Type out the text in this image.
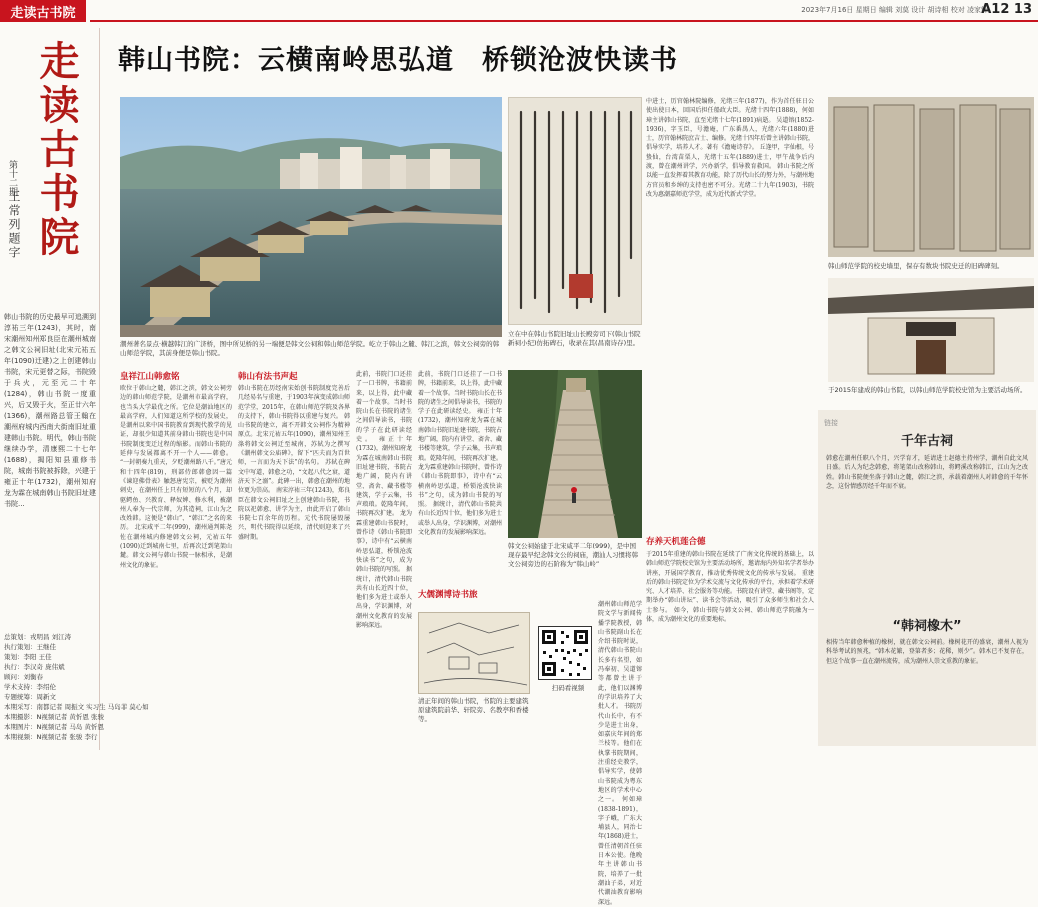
走读古书院	2023年7月16日 星期日 编辑 刘莫 设计 胡诗相 校对 凌家辉
A12 13
走读古书院
第十二期
王常列题字
韩山书院的历史最早可追溯到淳祐三年(1243)，其时，南宋潮州知州郑良臣在潮州城南之韩文公祠旧址(北宋元祐五年(1090)迁建)之上创建韩山书院，宋元更替之际，书院毁于兵火，元至元二十年(1284)，韩山书院一度重兴，后又毁于火，至正廿六年(1366)，潮州路总管王翰在潮州府城内西南大街南旧址重建韩山书院。明代，韩山书院继续办学，清康熙二十七年(1688)，揭阳知县重修书院，城南书院被拆除，兴建于雍正十年(1732)，潮州知府龙为霖在城南韩山书院旧址建书院...
总策划：戎明昌 刘江涛
执行策划：王继佳
策划：李阳 王佳
执行：李汉奇 庞伟斌
顾问：刘衡春
学术支持：李绍伦
专题统筹：周新文
本期采写：南都记者 周振文 实习生 马岛菲 莫心如
本期摄影：N视频记者 黄忻恩 张骏
本期图片：N视频记者 马岛 黄忻恩
本期视频：N视频记者 张骏 李行
韩山书院：云横南岭思弘道　桥锁沧波快读书
潮州著名景点·横越韩江的广济桥，图中所见桥的另一端便是韩文公祠和韩山师范学院。屹立于韩山之麓、韩江之滨，韩文公祠旁的韩山师范学院，其前身便是韩山书院。
立在中在韩山书院旧址山长殿旁司下(韩山书院新祠小纪)仿拓碑石，收录在其(昌南诗存)里。
韩文公祠始建于北宋咸平二年(999)，是中国现存最早纪念韩文公的祠庙，潮汕人习惯将韩文公祠旁边的石阶称为“韩山岭”
清正年间的韩山书院，书院的主要建筑原建筑院前华、轩院旁、名教亭和香楼等。
扫码看视频
韩山师范学院的校史墙里，保存有数块书院史迁的旧碑碑刻。
于2015年建成的韩山书院，以韩山师范学院校史馆为主要活动场所。
皇祥江山韩愈铭	韩山有法书声起
大儒渊博诗书旅
存养天机莲合德
欧位于韩山之麓，韩江之滨，韩文公祠旁边的韩山师范学院，是潮州市最高学府，也当头大学最优之所。它位是潮汕地区的最高学府，人们知道这所学校的发展史，是潮州以来中国书院教育到现代教学的见证，却很少知道其前身韩山书院也是中国书院制度变迁过程的缩影。而韩山书院的延伸与发展都离不开一个人——韩愈。 “一封朝奏九重天，夕贬潮州路八千。”唐元和十四年(819)，刑部侍郎韩愈因一篇《谏迎佛骨表》触怒唐宪宗，被贬为潮州刺史，在潮州任上只有短短的八个月，却驱鳄鱼、兴教育、释奴婢、修水利，被潮州人奉为一代宗师，为其造祠，江山为之改姓韩。这便是“韩山”、“韩江”之名的来历。 北宋咸平二年(999)，潮州通判陈尧佐在潮州城内修建韩文公祠，元祐五年(1090)迁到城南七里，后再次迁到笔架山麓。韩文公祠与韩山书院一脉相承，是潮州文化的象征。
韩山书院在历经南宋始创书院制度完善后几经易名与重建，于1903年演变成韩山师范学堂，2015年，在韩山师范学院及各界的支持下，韩山书院得以重建与复兴。 韩山书院的建立，离不开韩文公祠作为精神原点。北宋元祐五年(1090)，潮州知州王涤将韩文公祠迁至城南，苏轼为之撰写《潮州韩文公庙碑》，留下“匹夫而为百世师，一言而为天下法”的名句。 苏轼在碑文中写道，韩愈之功，“文起八代之衰，道济天下之溺”。此碑一出，韩愈在潮州的地位更为崇高。 南宋淳祐三年(1243)，郑良臣在韩文公祠旧址之上创建韩山书院，书院以祀韩愈、讲学为主，由此开启了韩山书院七百余年的历程。元代书院屡毁屡兴，明代书院得以延续，清代则迎来了兴盛时期。
此前，书院门口还挂了一口书牌，书籍前来，以上得，此中藏着一个故事。当时书院山长在书院的诸生之间倡导读书，书院的学子在此研读经史。 雍正十年(1732)，潮州知府龙为霖在城南韩山书院旧址建书院，书院占地广阔，院内有讲堂、斋舍、藏书楼等建筑，学子云集，书声琅琅。乾隆年间，书院再次扩建。 龙为霖重建韩山书院时，曾作诗《韩山书院即事》，诗中有“云横南岭思弘道，桥锁沧波快读书”之句，成为韩山书院的写照。 据统计，清代韩山书院共有山长近四十位，他们多为进士或举人出身，学识渊博，对潮州文化教育的发展影响深远。
此前，书院门口还挂了一口书牌，书籍前来，以上得，此中藏着一个故事。当时书院山长在书院的诸生之间倡导读书，书院的学子在此研读经史。 雍正十年(1732)，潮州知府龙为霖在城南韩山书院旧址建书院，书院占地广阔，院内有讲堂、斋舍、藏书楼等建筑，学子云集，书声琅琅。乾隆年间，书院再次扩建。 龙为霖重建韩山书院时，曾作诗《韩山书院即事》，诗中有“云横南岭思弘道，桥锁沧波快读书”之句，成为韩山书院的写照。 据统计，清代韩山书院共有山长近四十位，他们多为进士或举人出身，学识渊博，对潮州文化教育的发展影响深远。
中进士，历官翰林院编修，光绪三年(1877)，作为首任驻日公使出使日本，回国后担任船政大臣。光绪十四年(1888)，何如璋主讲韩山书院，直至光绪十七年(1891)病逝。 吴道镕(1852-1936)，字玉臣，号澹庵，广东番禺人，光绪六年(1880)进士，历官翰林院庶吉士、编修。光绪十四年后曾主讲韩山书院，倡导实学，培养人才。著有《澹庵诗存》。 丘逢甲，字仙根，号蛰仙，台湾苗栗人，光绪十五年(1889)进士，甲午战争后内渡，曾在潮州讲学，兴办新学，倡导教育救国。 韩山书院之所以能一直发挥着其教育功能，除了历代山长的努力外，与潮州地方官员和乡绅的支持也密不可分。光绪二十九年(1903)，书院改为惠潮嘉师范学堂，成为近代新式学堂。
于2015年重建的韩山书院在延续了广南文化传统的基础上，以韩山师范学院校史馆为主要活动场所，邀请海内外知名学者举办讲座，开展国学教育，推动优秀传统文化的传承与发展。 重建后的韩山书院定位为学术交流与文化传承的平台，承担着学术研究、人才培养、社会服务等功能。书院设有讲堂、藏书阁等，定期举办“韩山讲坛”、读书会等活动，吸引了众多师生和社会人士参与。 如今，韩山书院与韩文公祠、韩山师范学院融为一体，成为潮州文化的重要地标。
潮州韩山师范学院文学与新闻传播学院教授，韩山书院副山长在介绍书院时说，清代韩山书院山长多有名望，如冯奉初、吴道镕等都曾主讲于此，他们以渊博的学识培养了大批人才。 书院历代山长中，有不少是进士出身，如嘉庆年间的郑兰枝等。他们在执掌书院期间，注重经史教学，倡导实学，使韩山书院成为粤东地区的学术中心之一。 何如璋(1838-1891)，字子峨，广东大埔县人，同治七年(1868)进士，曾任清朝首任驻日本公使。他晚年主讲韩山书院，培养了一批潮汕子弟，对近代潮汕教育影响深远。
链接
千年古祠
韩愈在潮州任职八个月，兴学育才，延请进士赵德主持州学，潮州自此文风日盛。后人为纪念韩愈，将笔架山改称韩山，将鳄溪改称韩江，江山为之改姓。韩山书院便坐落于韩山之麓，韩江之滨，承载着潮州人对韩愈的千年怀念，这份情感历经千年而不衰。
“韩祠橡木”
相传当年韩愈种植的橡树，就在韩文公祠前。橡树花开的盛衰，潮州人视为科举考试的预兆，“韩木花繁，登第者多；花稀，则少”。韩木已不复存在，但这个故事一直在潮州流传，成为潮州人崇文重教的象征。
